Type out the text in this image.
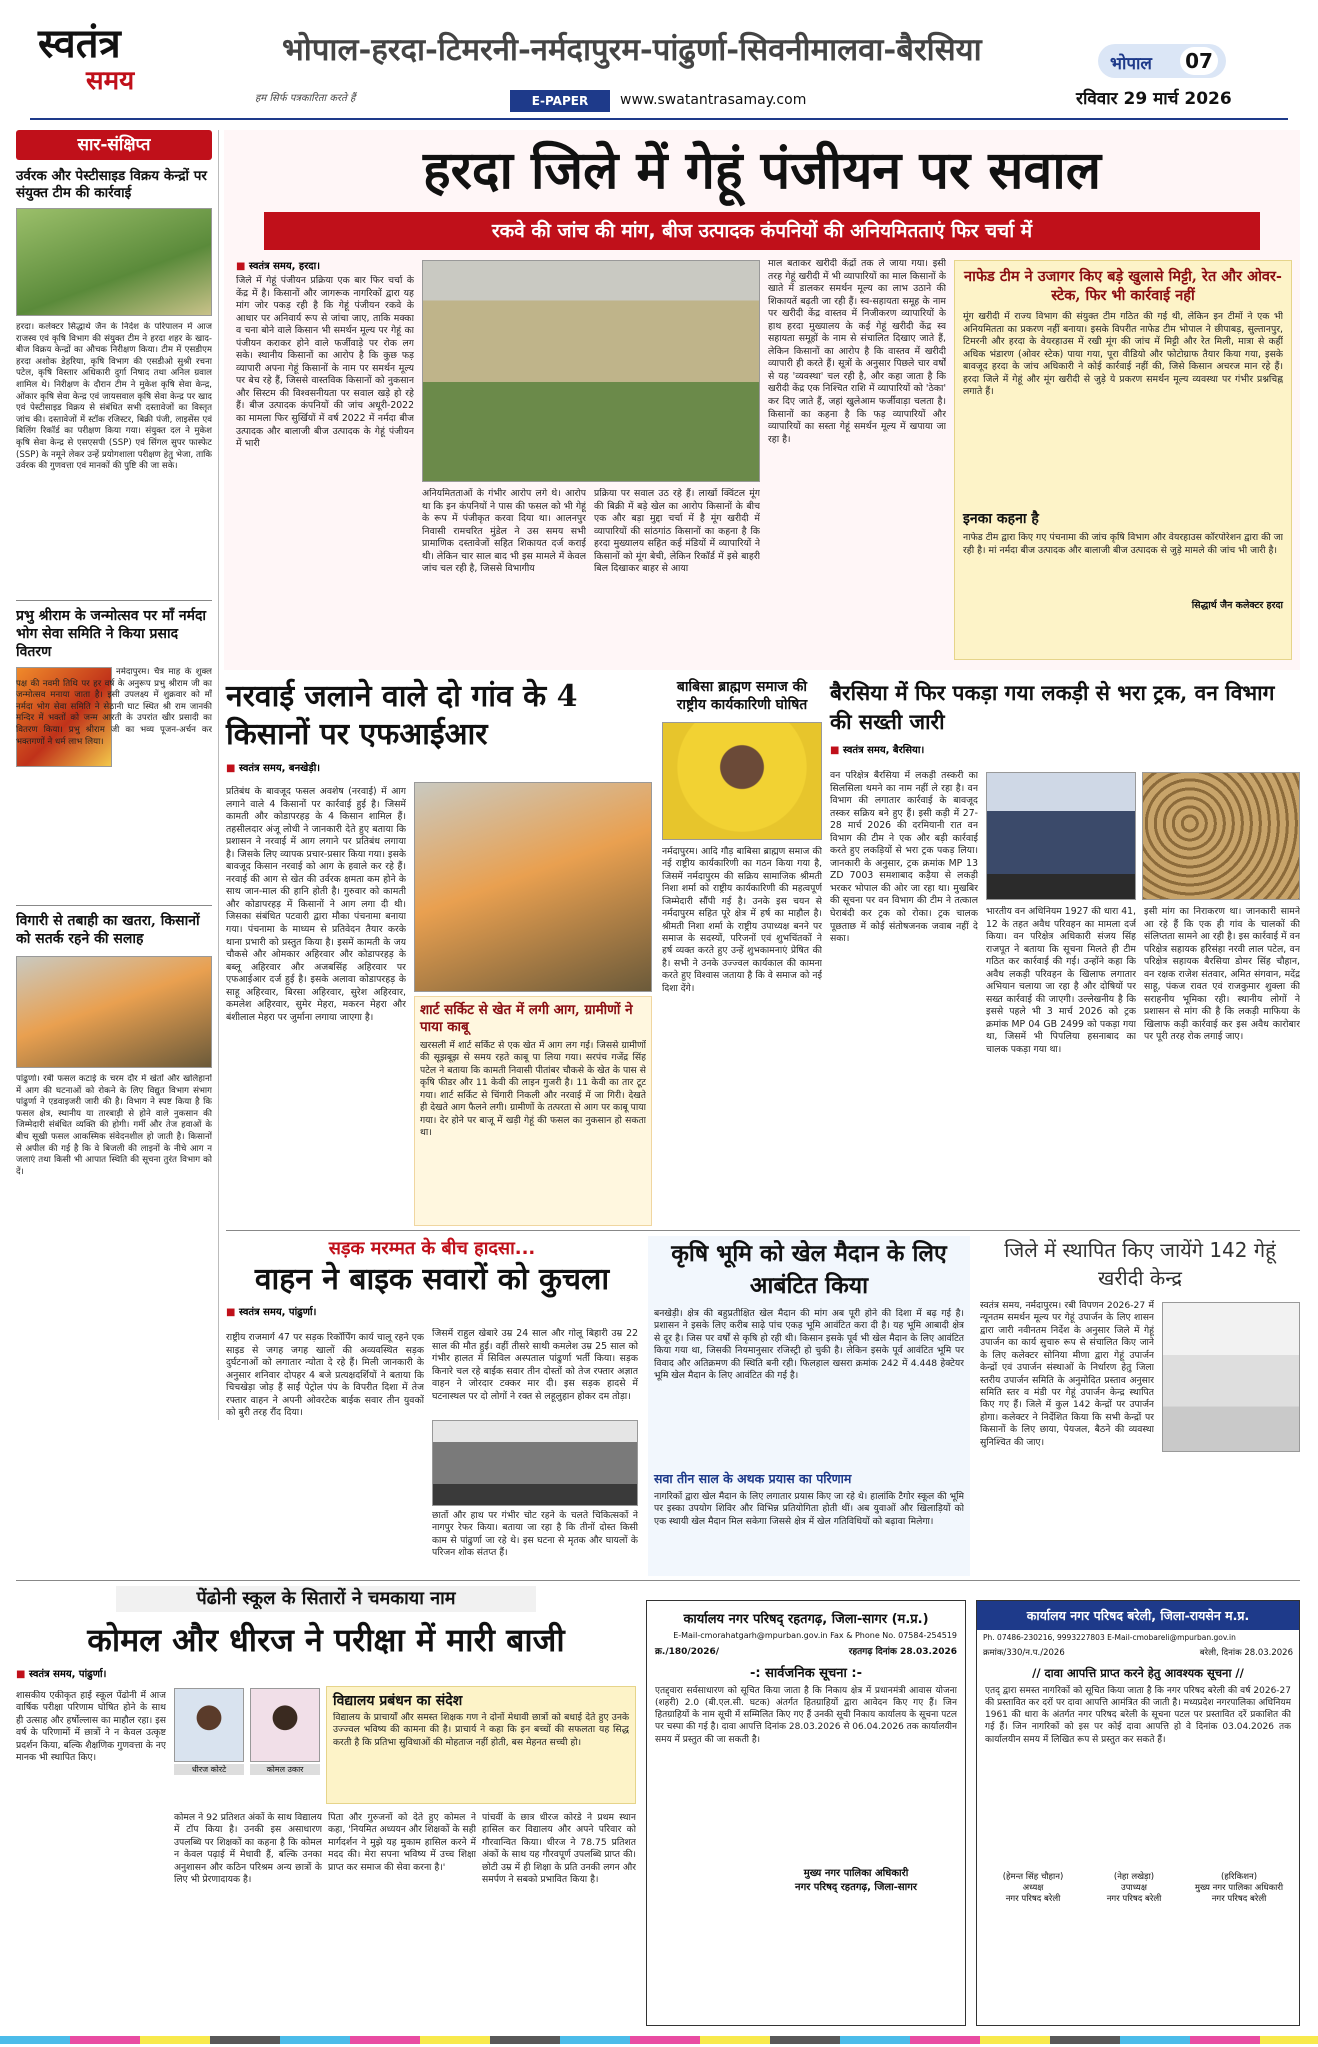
स्वतंत्र
समय
हम सिर्फ पत्रकारिता करते हैं
भोपाल-हरदा-टिमरनी-नर्मदापुरम-पांढुर्णा-सिवनीमालवा-बैरसिया
E-PAPER	www.swatantrasamay.com
भोपाल 07
रविवार 29 मार्च 2026
सार-संक्षिप्त
उर्वरक और पेस्टीसाइड विक्रय केन्द्रों पर संयुक्त टीम की कार्रवाई
हरदा। कलेक्टर सिद्धार्थ जैन के निर्देश के परिपालन में आज राजस्व एवं कृषि विभाग की संयुक्त टीम ने हरदा शहर के खाद-बीज विक्रय केन्द्रों का औचक निरीक्षण किया। टीम में एसडीएम हरदा अशोक डेहरिया, कृषि विभाग की एसडीओ सुश्री रचना पटेल, कृषि विस्तार अधिकारी दुर्गा निषाद तथा अनिल ग्रवाल शामिल थे। निरीक्षण के दौरान टीम ने मुकेश कृषि सेवा केन्द्र, ओंकार कृषि सेवा केन्द्र एवं जायसवाल कृषि सेवा केन्द्र पर खाद एवं पेस्टीसाइड विक्रय से संबंधित सभी दस्तावेजों का विस्तृत जांच की। दस्तावेजों में स्टॉक रजिस्टर, बिक्री पंजी, लाइसेंस एवं बिलिंग रिकॉर्ड का परीक्षण किया गया। संयुक्त दल ने मुकेश कृषि सेवा केन्द्र से एसएसपी (SSP) एवं सिंगल सुपर फास्फेट (SSP) के नमूने लेकर उन्हें प्रयोगशाला परीक्षण हेतु भेजा, ताकि उर्वरक की गुणवत्ता एवं मानकों की पुष्टि की जा सके।
प्रभु श्रीराम के जन्मोत्सव पर माँ नर्मदा भोग सेवा समिति ने किया प्रसाद वितरण
नर्मदापुरम। चैत्र माह के शुक्ल पक्ष की नवमी तिथि पर हर वर्ष के अनुरूप प्रभु श्रीराम जी का जन्मोत्सव मनाया जाता है। इसी उपलक्ष्य में शुक्रवार को माँ नर्मदा भोग सेवा समिति ने सेठानी घाट स्थित श्री राम जानकी मन्दिर में भक्तों को जन्म आरती के उपरांत खीर प्रसादी का वितरण किया। प्रभु श्रीराम जी का भव्य पूजन-अर्चन कर भक्तगणों ने धर्म लाभ लिया।
विगारी से तबाही का खतरा, किसानों को सतर्क रहने की सलाह
पांढुर्णा। रबी फसल कटाई के चरम दौर में खेतों और खलिहानों में आग की घटनाओं को रोकने के लिए विद्युत विभाग संभाग पांढुर्णा ने एडवाइजरी जारी की है। विभाग ने स्पष्ट किया है कि फसल क्षेत्र, स्थानीय या तारबाड़ी से होने वाले नुकसान की जिम्मेदारी संबंधित व्यक्ति की होगी। गर्मी और तेज हवाओं के बीच सूखी फसल आकस्मिक संवेदनशील हो जाती है। किसानों से अपील की गई है कि वे बिजली की लाइनों के नीचे आग न जलाएं तथा किसी भी आपात स्थिति की सूचना तुरंत विभाग को दें।
हरदा जिले में गेहूं पंजीयन पर सवाल
रकवे की जांच की मांग, बीज उत्पादक कंपनियों की अनियमितताएं फिर चर्चा में
■ स्वतंत्र समय, हरदा।
जिले में गेहूं पंजीयन प्रक्रिया एक बार फिर चर्चा के केंद्र में है। किसानों और जागरूक नागरिकों द्वारा यह मांग जोर पकड़ रही है कि गेहूं पंजीयन रकवे के आधार पर अनिवार्य रूप से जांचा जाए, ताकि मक्का व चना बोने वाले किसान भी समर्थन मूल्य पर गेहूं का पंजीयन कराकर होने वाले फर्जीवाड़े पर रोक लग सके। स्थानीय किसानों का आरोप है कि कुछ फड़ व्यापारी अपना गेहूं किसानों के नाम पर समर्थन मूल्य पर बेच रहे हैं, जिससे वास्तविक किसानों को नुकसान और सिस्टम की विश्वसनीयता पर सवाल खड़े हो रहे हैं। बीज उत्पादक कंपनियों की जांच अधूरी-2022 का मामला फिर सुर्खियों में वर्ष 2022 में नर्मदा बीज उत्पादक और बालाजी बीज उत्पादक के गेहूं पंजीयन में भारी
अनियमितताओं के गंभीर आरोप लगे थे। आरोप था कि इन कंपनियों ने पास की फसल को भी गेहूं के रूप में पंजीकृत करवा दिया था। आलनपुर निवासी रामचरित मुंडेल ने उस समय सभी प्रामाणिक दस्तावेजों सहित शिकायत दर्ज कराई थी। लेकिन चार साल बाद भी इस मामले में केवल जांच चल रही है, जिससे विभागीय
प्रक्रिया पर सवाल उठ रहे हैं। लाखों क्विंटल मूंग की बिक्री में बड़े खेल का आरोप किसानों के बीच एक और बड़ा मुद्दा चर्चा में है मूंग खरीदी में व्यापारियों की सांठगांठ किसानों का कहना है कि हरदा मुख्यालय सहित कई मंडियों में व्यापारियों ने किसानों को मूंग बेची, लेकिन रिकॉर्ड में इसे बाहरी बिल दिखाकर बाहर से आया
माल बताकर खरीदी केंद्रों तक ले जाया गया। इसी तरह गेहूं खरीदी में भी व्यापारियों का माल किसानों के खाते में डालकर समर्थन मूल्य का लाभ उठाने की शिकायतें बढ़ती जा रही हैं। स्व-सहायता समूह के नाम पर खरीदी केंद्र वास्तव में निजीकरण व्यापारियों के हाथ हरदा मुख्यालय के कई गेहूं खरीदी केंद्र स्व सहायता समूहों के नाम से संचालित दिखाए जाते हैं, लेकिन किसानों का आरोप है कि वास्तव में खरीदी व्यापारी ही करते हैं। सूत्रों के अनुसार पिछले चार वर्षों से यह 'व्यवस्था' चल रही है, और कहा जाता है कि खरीदी केंद्र एक निश्चित राशि में व्यापारियों को 'ठेका' कर दिए जाते हैं, जहां खुलेआम फर्जीवाड़ा चलता है। किसानों का कहना है कि फड़ व्यापारियों और व्यापारियों का सस्ता गेहूं समर्थन मूल्य में खपाया जा रहा है।
नाफेड टीम ने उजागर किए बड़े खुलासे मिट्टी, रेत और ओवर-स्टेक, फिर भी कार्रवाई नहीं
मूंग खरीदी में राज्य विभाग की संयुक्त टीम गठित की गई थी, लेकिन इन टीमों ने एक भी अनियमितता का प्रकरण नहीं बनाया। इसके विपरीत नाफेड टीम भोपाल ने छीपाबड़, सुल्तानपुर, टिमरनी और हरदा के वेयरहाउस में रखी मूंग की जांच में मिट्टी और रेत मिली, मात्रा से कहीं अधिक भंडारण (ओवर स्टेक) पाया गया, पूरा वीडियो और फोटोग्राफ तैयार किया गया, इसके बावजूद हरदा के जांच अधिकारी ने कोई कार्रवाई नहीं की, जिसे किसान अचरज मान रहे हैं। हरदा जिले में गेहूं और मूंग खरीदी से जुड़े ये प्रकरण समर्थन मूल्य व्यवस्था पर गंभीर प्रश्नचिह्न लगाते हैं।
इनका कहना है
नाफेड टीम द्वारा किए गए पंचनामा की जांच कृषि विभाग और वेयरहाउस कॉरपोरेशन द्वारा की जा रही है। मां नर्मदा बीज उत्पादक और बालाजी बीज उत्पादक से जुड़े मामले की जांच भी जारी है।
सिद्धार्थ जैन कलेक्टर हरदा
नरवाई जलाने वाले दो गांव के 4 किसानों पर एफआईआर
■ स्वतंत्र समय, बनखेड़ी।
प्रतिबंध के बावजूद फसल अवशेष (नरवाई) में आग लगाने वाले 4 किसानों पर कार्रवाई हुई है। जिसमें कामती और कोडापरहड़ के 4 किसान शामिल हैं। तहसीलदार अंजू लोधी ने जानकारी देते हुए बताया कि प्रशासन ने नरवाई में आग लगाने पर प्रतिबंध लगाया है। जिसके लिए व्यापक प्रचार-प्रसार किया गया। इसके बावजूद किसान नरवाई को आग के हवाले कर रहे हैं। नरवाई की आग से खेत की उर्वरक क्षमता कम होने के साथ जान-माल की हानि होती है। गुरुवार को कामती और कोडापरहड़ में किसानों ने आग लगा दी थी। जिसका संबंधित पटवारी द्वारा मौका पंचनामा बनाया गया। पंचनामा के माध्यम से प्रतिवेदन तैयार करके थाना प्रभारी को प्रस्तुत किया है। इसमें कामती के जय चौकसे और ओमकार अहिरवार और कोडापरहड़ के बब्लू अहिरवार और अजबसिंह अहिरवार पर एफआईआर दर्ज हुई है। इसके अलावा कोडापरहड़ के साहू अहिरवार, बिरसा अहिरवार, सुरेश अहिरवार, कमलेश अहिरवार, सुमेर मेहरा, मकरन मेहरा और बंशीलाल मेहरा पर जुर्माना लगाया जाएगा है।	शार्ट सर्किट से खेत में लगी आग, ग्रामीणों ने पाया काबू
खरसली में शार्ट सर्किट से एक खेत में आग लग गई। जिससे ग्रामीणों की सूझबूझ से समय रहते काबू पा लिया गया। सरपंच गजेंद्र सिंह पटेल ने बताया कि कामती निवासी पीतांबर चौकसे के खेत के पास से कृषि फीडर और 11 केवी की लाइन गुजरी है। 11 केवी का तार टूट गया। शार्ट सर्किट से चिंगारी निकली और नरवाई में जा गिरी। देखते ही देखते आग फैलने लगी। ग्रामीणों के तत्परता से आग पर काबू पाया गया। देर होने पर बाजू में खड़ी गेहूं की फसल का नुकसान हो सकता था।
बाबिसा ब्राह्मण समाज की राष्ट्रीय कार्यकारिणी घोषित
नर्मदापुरम। आदि गौड़ बाबिसा ब्राह्मण समाज की नई राष्ट्रीय कार्यकारिणी का गठन किया गया है, जिसमें नर्मदापुरम की सक्रिय सामाजिक श्रीमती निशा शर्मा को राष्ट्रीय कार्यकारिणी की महत्वपूर्ण जिम्मेदारी सौंपी गई है। उनके इस चयन से नर्मदापुरम सहित पूरे क्षेत्र में हर्ष का माहौल है। श्रीमती निशा शर्मा के राष्ट्रीय उपाध्यक्ष बनने पर समाज के सदस्यों, परिजनों एवं शुभचिंतकों ने हर्ष व्यक्त करते हुए उन्हें शुभकामनाएं प्रेषित की है। सभी ने उनके उज्ज्वल कार्यकाल की कामना करते हुए विश्वास जताया है कि वे समाज को नई दिशा देंगे।
बैरसिया में फिर पकड़ा गया लकड़ी से भरा ट्रक, वन विभाग की सख्ती जारी
■ स्वतंत्र समय, बैरसिया।
वन परिक्षेत्र बैरसिया में लकड़ी तस्करी का सिलसिला थमने का नाम नहीं ले रहा है। वन विभाग की लगातार कार्रवाई के बावजूद तस्कर सक्रिय बने हुए हैं। इसी कड़ी में 27-28 मार्च 2026 की दरमियानी रात वन विभाग की टीम ने एक और बड़ी कार्रवाई करते हुए लकड़ियों से भरा ट्रक पकड़ लिया। जानकारी के अनुसार, ट्रक क्रमांक MP 13 ZD 7003 समशाबाद कड़ैया से लकड़ी भरकर भोपाल की ओर जा रहा था। मुखबिर की सूचना पर वन विभाग की टीम ने तत्काल घेराबंदी कर ट्रक को रोका। ट्रक चालक पूछताछ में कोई संतोषजनक जवाब नहीं दे सका।
भारतीय वन अधिनियम 1927 की धारा 41, 12 के तहत अवैध परिवहन का मामला दर्ज किया। वन परिक्षेत्र अधिकारी संजय सिंह राजपूत ने बताया कि सूचना मिलते ही टीम गठित कर कार्रवाई की गई। उन्होंने कहा कि अवैध लकड़ी परिवहन के खिलाफ लगातार अभियान चलाया जा रहा है और दोषियों पर सख्त कार्रवाई की जाएगी। उल्लेखनीय है कि इससे पहले भी 3 मार्च 2026 को ट्रक क्रमांक MP 04 GB 2499 को पकड़ा गया था, जिसमें भी पिपलिया हसनाबाद का चालक पकड़ा गया था।
इसी मांग का निराकरण था। जानकारी सामने आ रहे हैं कि एक ही गांव के चालकों की संलिप्तता सामने आ रही है। इस कार्रवाई में वन परिक्षेत्र सहायक हरिसंहा नरवी लाल पटेल, वन परिक्षेत्र सहायक बैरसिया डोमर सिंह चौहान, वन रक्षक राजेश संतवार, अमित संगवान, मदेंद्र साहू, पंकज रावत एवं राजकुमार शुक्ला की सराहनीय भूमिका रही। स्थानीय लोगों ने प्रशासन से मांग की है कि लकड़ी माफिया के खिलाफ कड़ी कार्रवाई कर इस अवैध कारोबार पर पूरी तरह रोक लगाई जाए।
सड़क मरम्मत के बीच हादसा...
वाहन ने बाइक सवारों को कुचला
■ स्वतंत्र समय, पांढुर्णा।
राष्ट्रीय राजमार्ग 47 पर सड़क रिकॉर्पिंग कार्य चालू रहने एक साइड से जगह जगह खालों की अव्यवस्थित सड़क दुर्घटनाओं को लगातार न्योता दे रहे हैं। मिली जानकारी के अनुसार शनिवार दोपहर 4 बजे प्रत्यक्षदर्शियों ने बताया कि चिचखेड़ा जोड़ हैं साईं पेट्रोल पंप के विपरीत दिशा में तेज रफ्तार वाहन ने अपनी ओवरटेक बाईक सवार तीन युवकों को बुरी तरह रौंद दिया।
जिसमें राहुल खेबारे उम्र 24 साल और गोलू बिहारी उम्र 22 साल की मौत हुई। वहीं तीसरे साथी कमलेश उम्र 25 साल को गंभीर हालत में सिविल अस्पताल पांढुर्णा भर्ती किया। सड़क किनारे चल रहे बाईक सवार तीन दोस्तों को तेज रफ्तार अज्ञात वाहन ने जोरदार टक्कर मार दी। इस सड़क हादसे में घटनास्थल पर दो लोगों ने रक्त से लहूलुहान होकर दम तोड़ा।
छातों और हाथ पर गंभीर चोट रहने के चलते चिकित्सकों ने नागपुर रेफर किया। बताया जा रहा है कि तीनों दोस्त किसी काम से पांढुर्णा जा रहे थे। इस घटना से मृतक और घायलों के परिजन शोक संतप्त हैं।
कृषि भूमि को खेल मैदान के लिए आबंटित किया
बनखेड़ी। क्षेत्र की बहुप्रतीक्षित खेल मैदान की मांग अब पूरी होने की दिशा में बढ़ गई है। प्रशासन ने इसके लिए करीब साढ़े पांच एकड़ भूमि आवंटित करा दी है। यह भूमि आबादी क्षेत्र से दूर है। जिस पर वर्षों से कृषि हो रही थी। किसान इसके पूर्व भी खेल मैदान के लिए आवंटित किया गया था, जिसकी नियमानुसार रजिस्ट्री हो चुकी है। लेकिन इसके पूर्व आवंटित भूमि पर विवाद और अतिक्रमण की स्थिति बनी रही। फिलहाल खसरा क्रमांक 242 में 4.448 हेक्टेयर भूमि खेल मैदान के लिए आवंटित की गई है।
सवा तीन साल के अथक प्रयास का परिणाम
नागरिकों द्वारा खेल मैदान के लिए लगातार प्रयास किए जा रहे थे। हालांकि टैगोर स्कूल की भूमि पर इस्का उपयोग शिविर और विभिन्न प्रतियोगिता होती थीं। अब युवाओं और खिलाड़ियों को एक स्थायी खेल मैदान मिल सकेगा जिससे क्षेत्र में खेल गतिविधियों को बढ़ावा मिलेगा।
जिले में स्थापित किए जायेंगे 142 गेहूं खरीदी केन्द्र
स्वतंत्र समय, नर्मदापुरम। रबी विपणन 2026-27 में न्यूनतम समर्थन मूल्य पर गेहूं उपार्जन के लिए शासन द्वारा जारी नवीनतम निर्देश के अनुसार जिले में गेहूं उपार्जन का कार्य सुचारु रूप से संचालित किए जाने के लिए कलेक्टर सोनिया मीणा द्वारा गेहूं उपार्जन केन्द्रों एवं उपार्जन संस्थाओं के निर्धारण हेतु जिला स्तरीय उपार्जन समिति के अनुमोदित प्रस्ताव अनुसार समिति स्तर व मंडी पर गेहूं उपार्जन केन्द्र स्थापित किए गए हैं। जिले में कुल 142 केन्द्रों पर उपार्जन होगा। कलेक्टर ने निर्देशित किया कि सभी केन्द्रों पर किसानों के लिए छाया, पेयजल, बैठने की व्यवस्था सुनिश्चित की जाए।
पेंढोनी स्कूल के सितारों ने चमकाया नाम
कोमल और धीरज ने परीक्षा में मारी बाजी
■ स्वतंत्र समय, पांढुर्णा।
शासकीय एकीकृत हाई स्कूल पेंढोनी में आज वार्षिक परीक्षा परिणाम घोषित होने के साथ ही उत्साह और हर्षोल्लास का माहौल रहा। इस वर्ष के परिणामों में छात्रों ने न केवल उत्कृष्ट प्रदर्शन किया, बल्कि शैक्षणिक गुणवत्ता के नए मानक भी स्थापित किए।
धीरज कोरटे	कोमल उकार
विद्यालय प्रबंधन का संदेश
विद्यालय के प्राचार्यों और समस्त शिक्षक गण ने दोनों मेधावी छात्रों को बधाई देते हुए उनके उज्ज्वल भविष्य की कामना की है। प्राचार्य ने कहा कि इन बच्चों की सफलता यह सिद्ध करती है कि प्रतिभा सुविधाओं की मोहताज नहीं होती, बस मेहनत सच्ची हो।
कोमल ने 92 प्रतिशत अंकों के साथ विद्यालय में टॉप किया है। उनकी इस असाधारण उपलब्धि पर शिक्षकों का कहना है कि कोमल न केवल पढ़ाई में मेधावी हैं, बल्कि उनका अनुशासन और कठिन परिश्रम अन्य छात्रों के लिए भी प्रेरणादायक है।
पिता और गुरुजनों को देते हुए कोमल ने कहा, 'नियमित अध्ययन और शिक्षकों के सही मार्गदर्शन ने मुझे यह मुकाम हासिल करने में मदद की। मेरा सपना भविष्य में उच्च शिक्षा प्राप्त कर समाज की सेवा करना है।'
पांचवीं के छात्र धीरज कोरडे ने प्रथम स्थान हासिल कर विद्यालय और अपने परिवार को गौरवान्वित किया। धीरज ने 78.75 प्रतिशत अंकों के साथ यह गौरवपूर्ण उपलब्धि प्राप्त की। छोटी उम्र में ही शिक्षा के प्रति उनकी लगन और समर्पण ने सबको प्रभावित किया है।
कार्यालय नगर परिषद् रहतगढ़, जिला-सागर (म.प्र.)
E-Mail-cmorahatgarh@mpurban.gov.in Fax & Phone No. 07584-254519
क्र./180/2026/	रहतगढ़ दिनांक 28.03.2026
-: सार्वजनिक सूचना :-
एतद्द्वारा सर्वसाधारण को सूचित किया जाता है कि निकाय क्षेत्र में प्रधानमंत्री आवास योजना (शहरी) 2.0 (बी.एल.सी. घटक) अंतर्गत हितग्राहियों द्वारा आवेदन किए गए हैं। जिन हितग्राहियों के नाम सूची में सम्मिलित किए गए हैं उनकी सूची निकाय कार्यालय के सूचना पटल पर चस्पा की गई है। दावा आपत्ति दिनांक 28.03.2026 से 06.04.2026 तक कार्यालयीन समय में प्रस्तुत की जा सकती है।
मुख्य नगर पालिका अधिकारी
नगर परिषद् रहतगढ़, जिला-सागर
कार्यालय नगर परिषद बरेली, जिला-रायसेन म.प्र.
Ph. 07486-230216, 9993227803 E-Mail-cmobareli@mpurban.gov.in
क्रमांक/330/न.प./2026	बरेली, दिनांक 28.03.2026
// दावा आपत्ति प्राप्त करने हेतु आवश्यक सूचना //
एतद् द्वारा समस्त नागरिकों को सूचित किया जाता है कि नगर परिषद बरेली की वर्ष 2026-27 की प्रस्तावित कर दरों पर दावा आपत्ति आमंत्रित की जाती है। मध्यप्रदेश नगरपालिका अधिनियम 1961 की धारा के अंतर्गत नगर परिषद बरेली के सूचना पटल पर प्रस्तावित दरें प्रकाशित की गई हैं। जिन नागरिकों को इस पर कोई दावा आपत्ति हो वे दिनांक 03.04.2026 तक कार्यालयीन समय में लिखित रूप से प्रस्तुत कर सकते हैं।
(हेमन्त सिंह चौहान)
अध्यक्ष
नगर परिषद बरेली
(नेहा लखेड़ा)
उपाध्यक्ष
नगर परिषद बरेली
(हरिकिशन)
मुख्य नगर पालिका अधिकारी
नगर परिषद बरेली
